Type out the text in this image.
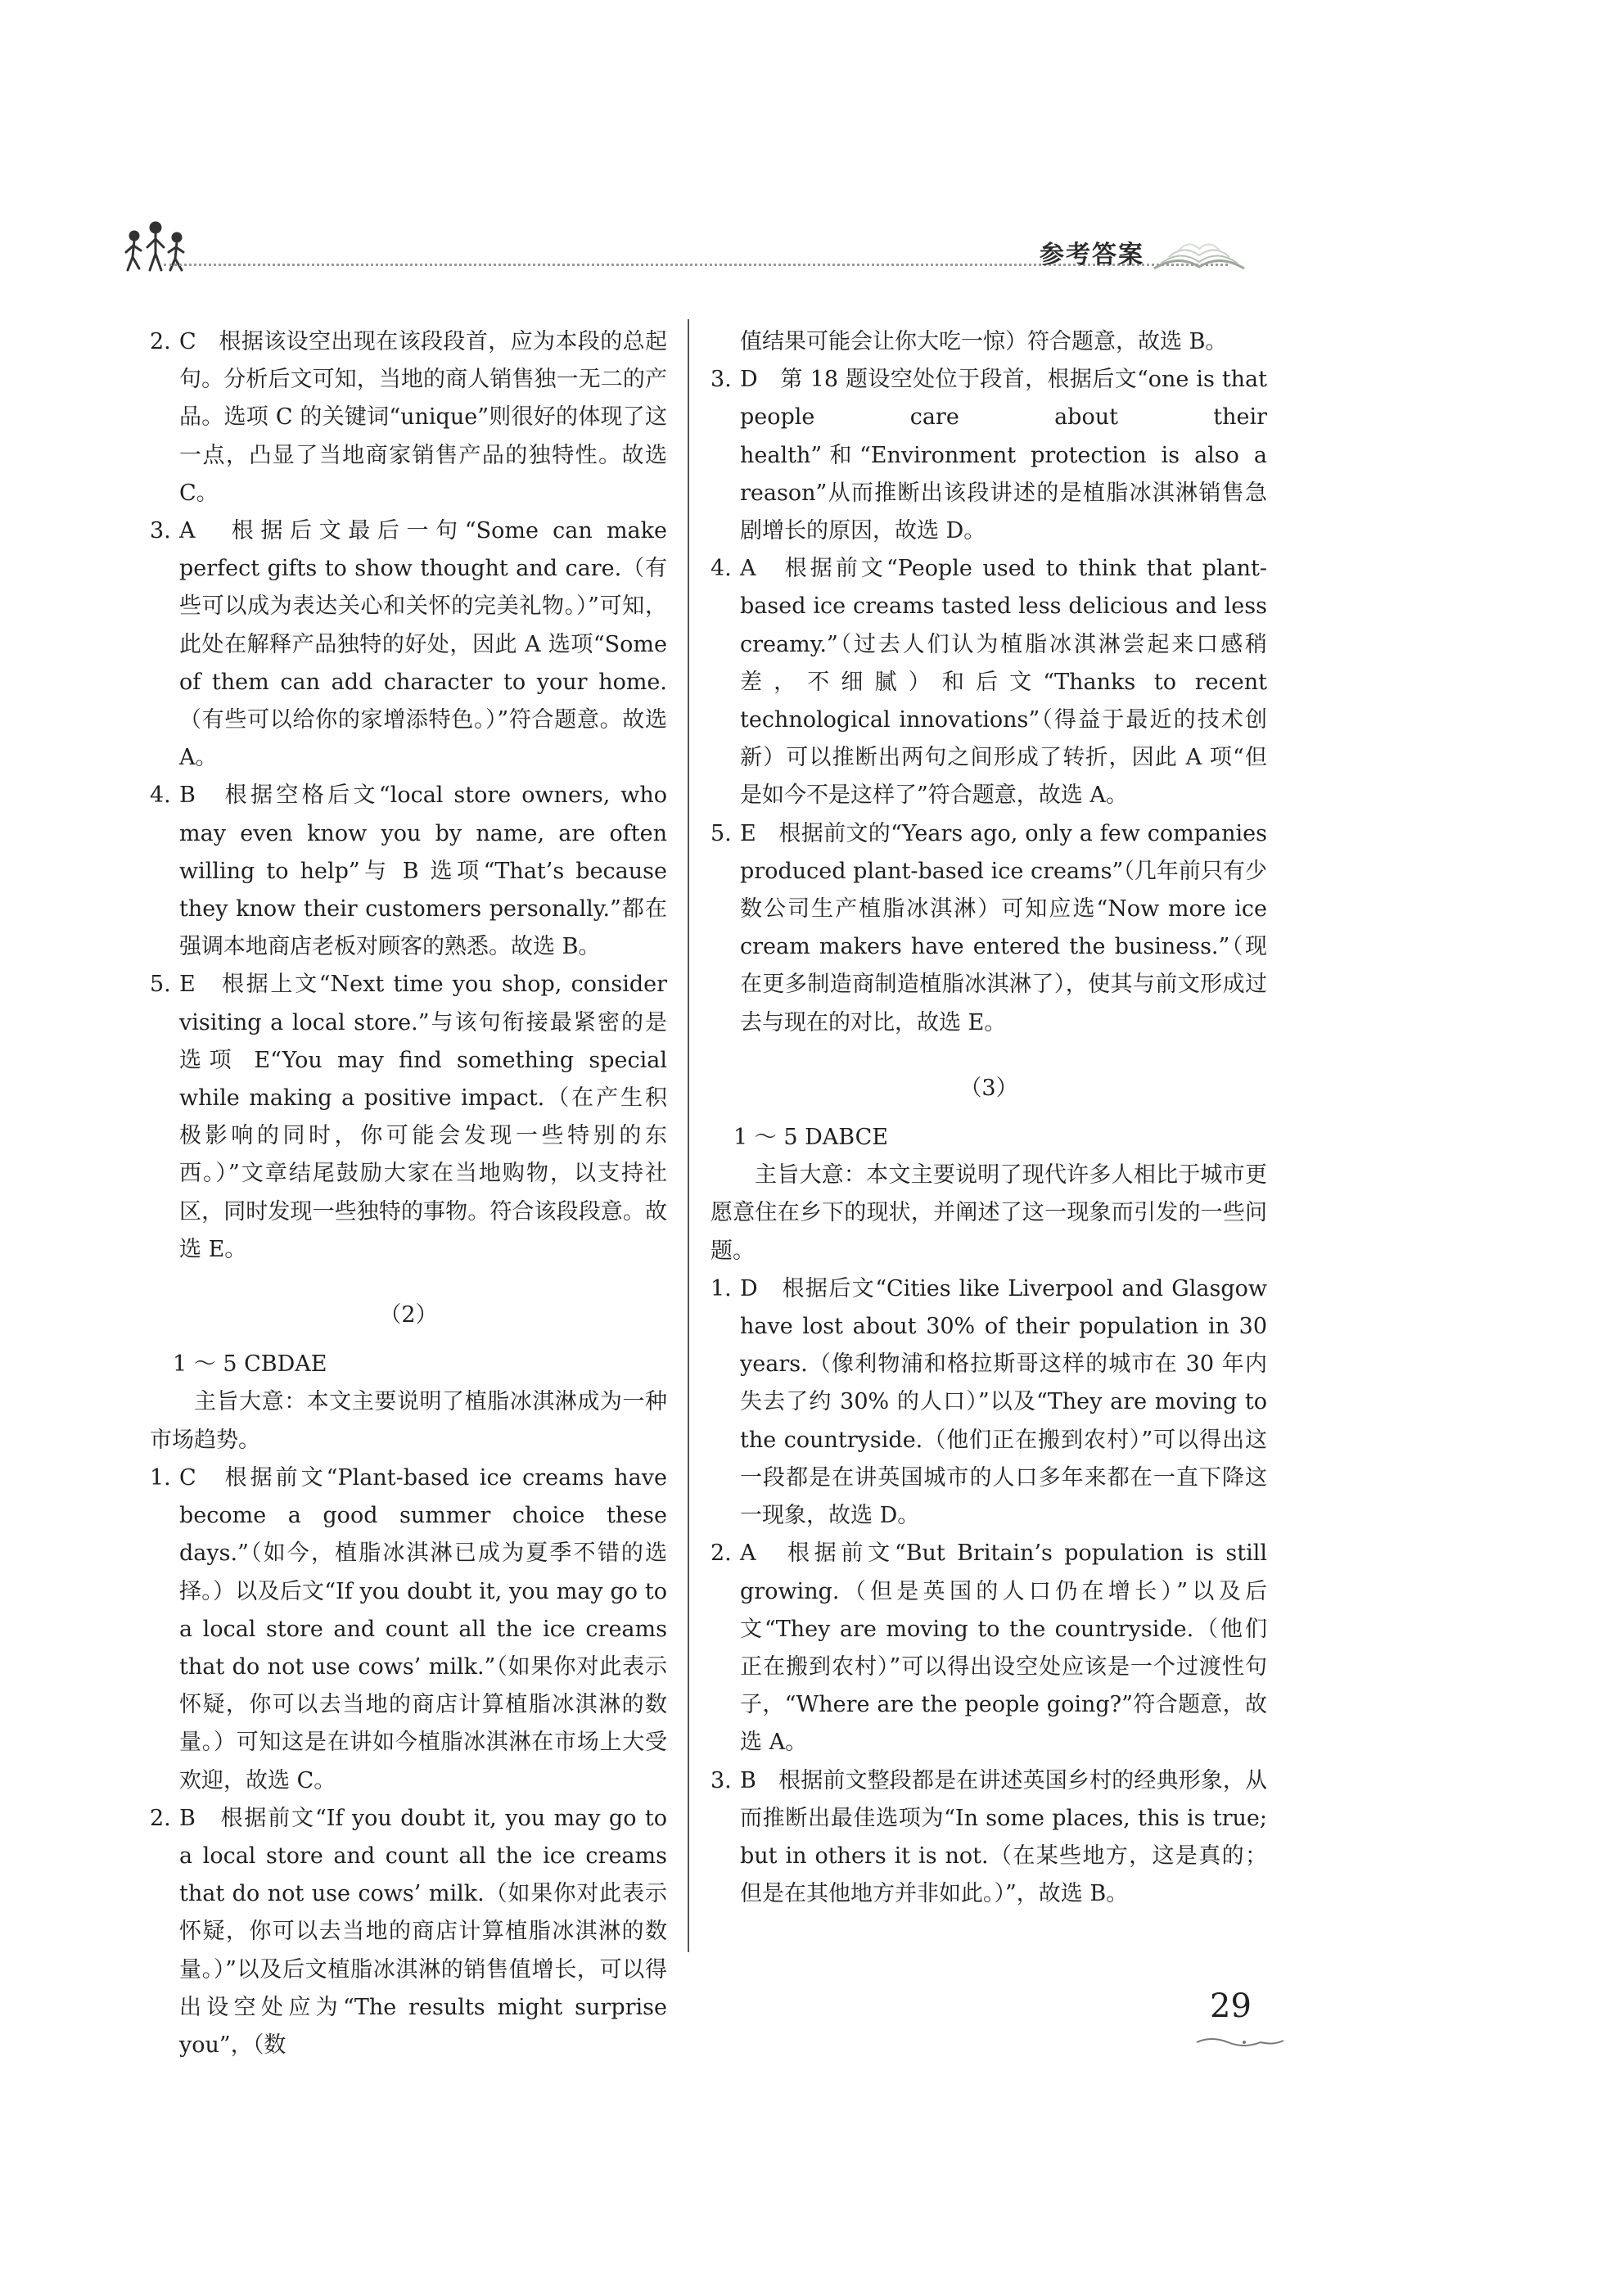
参考答案
2. C　根据该设空出现在该段段首，应为本段的总起句。分析后文可知，当地的商人销售独一无二的产品。选项 C 的关键词“unique”则很好的体现了这一点，凸显了当地商家销售产品的独特性。故选 C。
3. A　根据后文最后一句“Some can make perfect gifts to show thought and care.（有些可以成为表达关心和关怀的完美礼物。）”可知，此处在解释产品独特的好处，因此 A 选项“Some of them can add character to your home.（有些可以给你的家增添特色。）”符合题意。故选 A。
4. B　根据空格后文“local store owners, who may even know you by name, are often willing to help”与 B 选项“That’s because they know their customers personally.”都在强调本地商店老板对顾客的熟悉。故选 B。
5. E　根据上文“Next time you shop, consider visiting a local store.”与该句衔接最紧密的是选项 E“You may find something special while making a positive impact.（在产生积极影响的同时，你可能会发现一些特别的东西。）”文章结尾鼓励大家在当地购物，以支持社区，同时发现一些独特的事物。符合该段段意。故选 E。
（2）

1 ～ 5 CBDAE

主旨大意：本文主要说明了植脂冰淇淋成为一种市场趋势。

1. C　根据前文“Plant-based ice creams have become a good summer choice these days.”（如今，植脂冰淇淋已成为夏季不错的选择。）以及后文“If you doubt it, you may go to a local store and count all the ice creams that do not use cows’ milk.”（如果你对此表示怀疑，你可以去当地的商店计算植脂冰淇淋的数量。）可知这是在讲如今植脂冰淇淋在市场上大受欢迎，故选 C。
2. B　根据前文“If you doubt it, you may go to a local store and count all the ice creams that do not use cows’ milk.（如果你对此表示怀疑，你可以去当地的商店计算植脂冰淇淋的数量。）”以及后文植脂冰淇淋的销售值增长，可以得出设空处应为“The results might surprise you”，（数
值结果可能会让你大吃一惊）符合题意，故选 B。
3. D　第 18 题设空处位于段首，根据后文“one is that people care about their health”和“Environment protection is also a reason”从而推断出该段讲述的是植脂冰淇淋销售急剧增长的原因，故选 D。
4. A　根据前文“People used to think that plant-based ice creams tasted less delicious and less creamy.”（过去人们认为植脂冰淇淋尝起来口感稍差，不细腻）和后文“Thanks to recent technological innovations”（得益于最近的技术创新）可以推断出两句之间形成了转折，因此 A 项“但是如今不是这样了”符合题意，故选 A。
5. E　根据前文的“Years ago, only a few companies produced plant-based ice creams”（几年前只有少数公司生产植脂冰淇淋）可知应选“Now more ice cream makers have entered the business.”（现在更多制造商制造植脂冰淇淋了），使其与前文形成过去与现在的对比，故选 E。
（3）

1 ～ 5 DABCE

主旨大意：本文主要说明了现代许多人相比于城市更愿意住在乡下的现状，并阐述了这一现象而引发的一些问题。

1. D　根据后文“Cities like Liverpool and Glasgow have lost about 30% of their population in 30 years.（像利物浦和格拉斯哥这样的城市在 30 年内失去了约 30% 的人口）”以及“They are moving to the countryside.（他们正在搬到农村）”可以得出这一段都是在讲英国城市的人口多年来都在一直下降这一现象，故选 D。
2. A　根据前文“But Britain’s population is still growing.（但是英国的人口仍在增长）”以及后文“They are moving to the countryside.（他们正在搬到农村）”可以得出设空处应该是一个过渡性句子，“Where are the people going?”符合题意，故选 A。
3. B　根据前文整段都是在讲述英国乡村的经典形象，从而推断出最佳选项为“In some places, this is true; but in others it is not.（在某些地方，这是真的；但是在其他地方并非如此。）”，故选 B。
29
